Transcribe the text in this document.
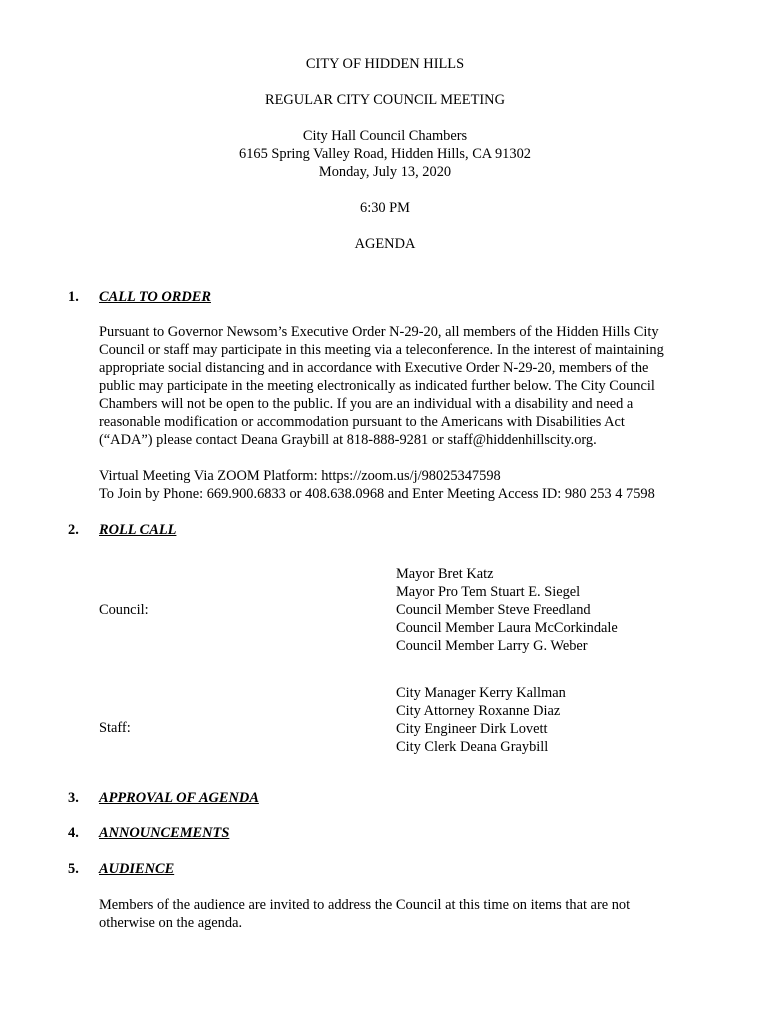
CITY OF HIDDEN HILLS
REGULAR CITY COUNCIL MEETING
City Hall Council Chambers
6165 Spring Valley Road, Hidden Hills, CA 91302
Monday, July 13, 2020
6:30 PM
AGENDA
1. CALL TO ORDER
Pursuant to Governor Newsom’s Executive Order N-29-20, all members of the Hidden Hills City
Council or staff may participate in this meeting via a teleconference. In the interest of maintaining
appropriate social distancing and in accordance with Executive Order N-29-20, members of the
public may participate in the meeting electronically as indicated further below. The City Council
Chambers will not be open to the public. If you are an individual with a disability and need a
reasonable modification or accommodation pursuant to the Americans with Disabilities Act
(“ADA”) please contact Deana Graybill at 818-888-9281 or staff@hiddenhillscity.org.
Virtual Meeting Via ZOOM Platform: https://zoom.us/j/98025347598
To Join by Phone: 669.900.6833 or 408.638.0968 and Enter Meeting Access ID: 980 253 4 7598
2. ROLL CALL
Council:
Mayor Bret Katz
Mayor Pro Tem Stuart E. Siegel
Council Member Steve Freedland
Council Member Laura McCorkindale
Council Member Larry G. Weber
Staff:
City Manager Kerry Kallman
City Attorney Roxanne Diaz
City Engineer Dirk Lovett
City Clerk Deana Graybill
3. APPROVAL OF AGENDA
4. ANNOUNCEMENTS
5. AUDIENCE
Members of the audience are invited to address the Council at this time on items that are not
otherwise on the agenda.
